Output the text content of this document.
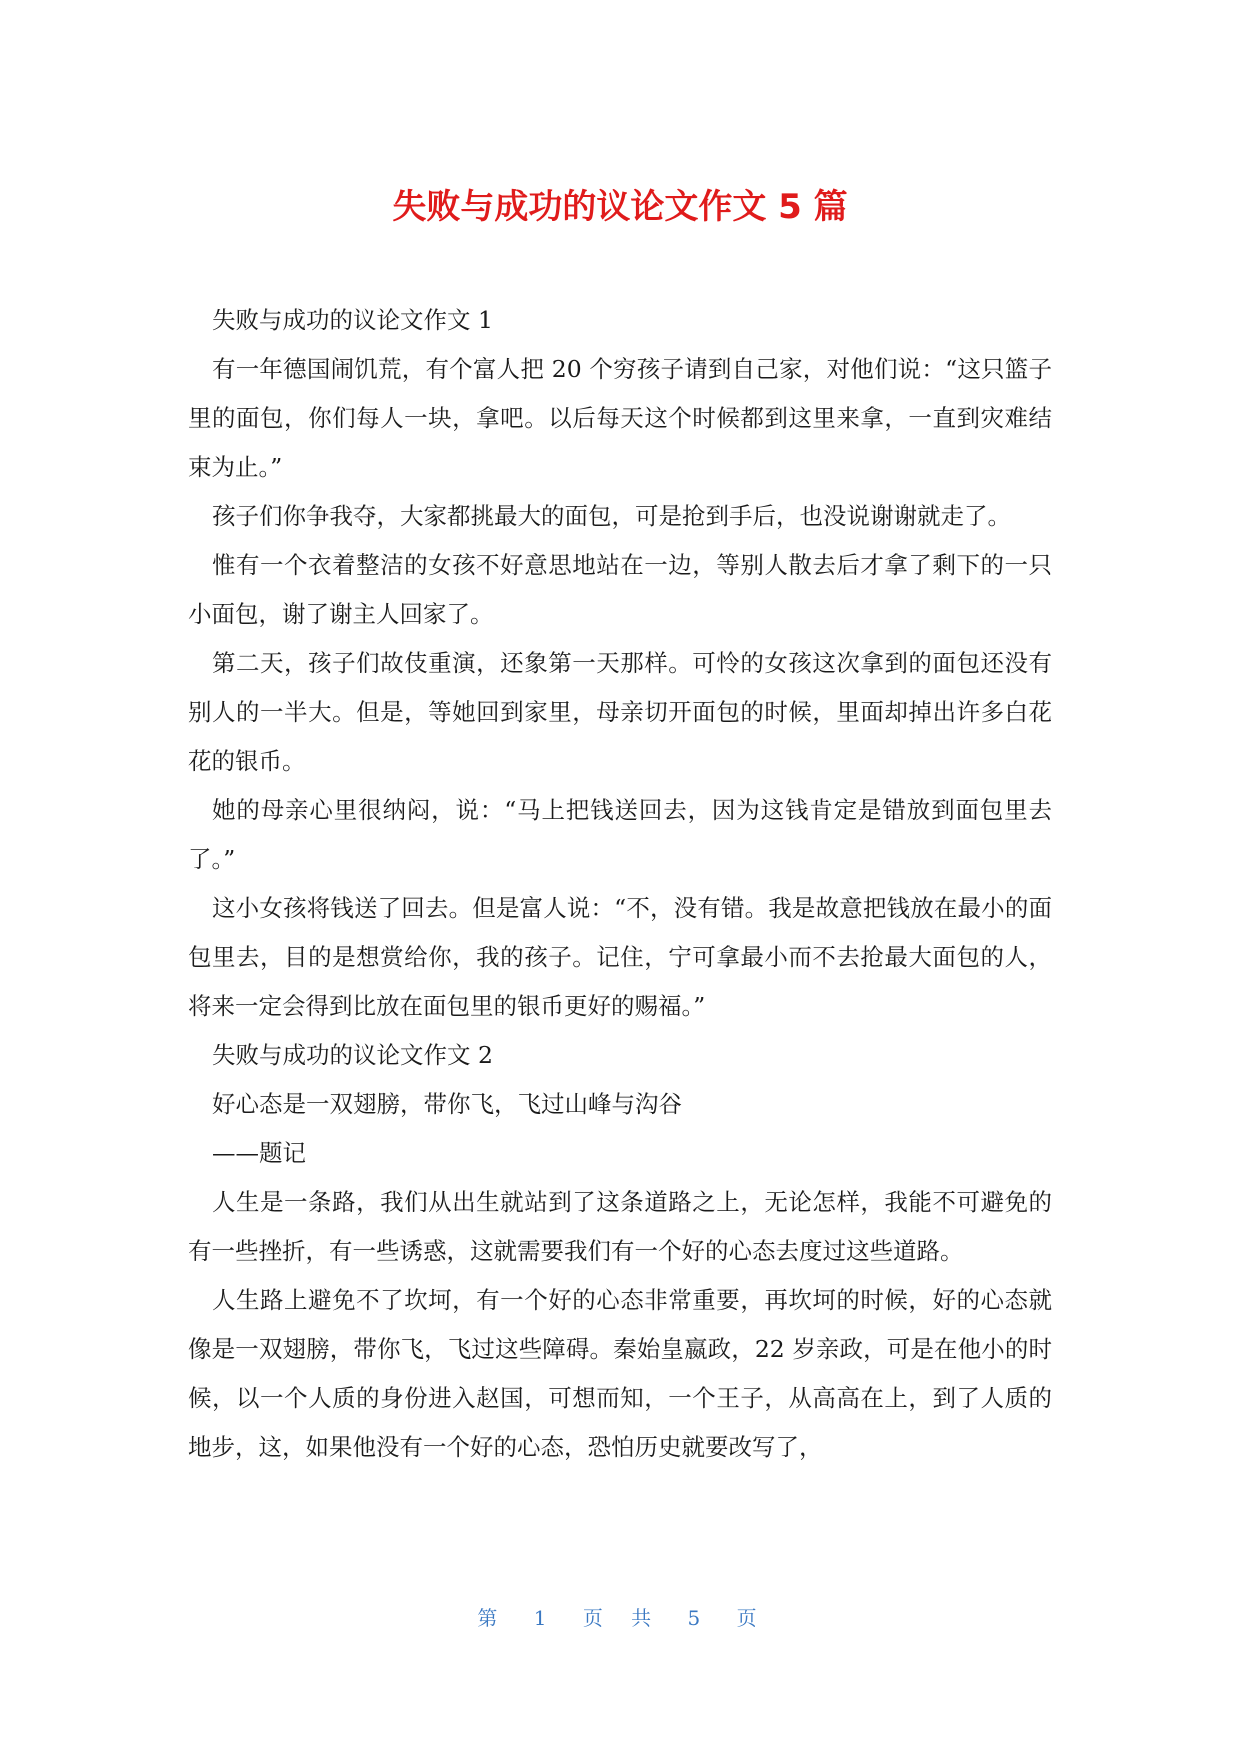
失败与成功的议论文作文 5 篇

失败与成功的议论文作文 1

有一年德国闹饥荒，有个富人把 20 个穷孩子请到自己家，对他们说：“这只篮子里的面包，你们每人一块，拿吧。以后每天这个时候都到这里来拿，一直到灾难结束为止。”

孩子们你争我夺，大家都挑最大的面包，可是抢到手后，也没说谢谢就走了。

惟有一个衣着整洁的女孩不好意思地站在一边，等别人散去后才拿了剩下的一只小面包，谢了谢主人回家了。

第二天，孩子们故伎重演，还象第一天那样。可怜的女孩这次拿到的面包还没有别人的一半大。但是，等她回到家里，母亲切开面包的时候，里面却掉出许多白花花的银币。

她的母亲心里很纳闷，说：“马上把钱送回去，因为这钱肯定是错放到面包里去了。”

这小女孩将钱送了回去。但是富人说：“不，没有错。我是故意把钱放在最小的面包里去，目的是想赏给你，我的孩子。记住，宁可拿最小而不去抢最大面包的人，将来一定会得到比放在面包里的银币更好的赐福。”

失败与成功的议论文作文 2

好心态是一双翅膀，带你飞，飞过山峰与沟谷

——题记

人生是一条路，我们从出生就站到了这条道路之上，无论怎样，我能不可避免的有一些挫折，有一些诱惑，这就需要我们有一个好的心态去度过这些道路。

人生路上避免不了坎坷，有一个好的心态非常重要，再坎坷的时候，好的心态就像是一双翅膀，带你飞，飞过这些障碍。秦始皇嬴政，22 岁亲政，可是在他小的时候，以一个人质的身份进入赵国，可想而知，一个王子，从高高在上，到了人质的地步，这，如果他没有一个好的心态，恐怕历史就要改写了，

第 1 页 共 5 页
